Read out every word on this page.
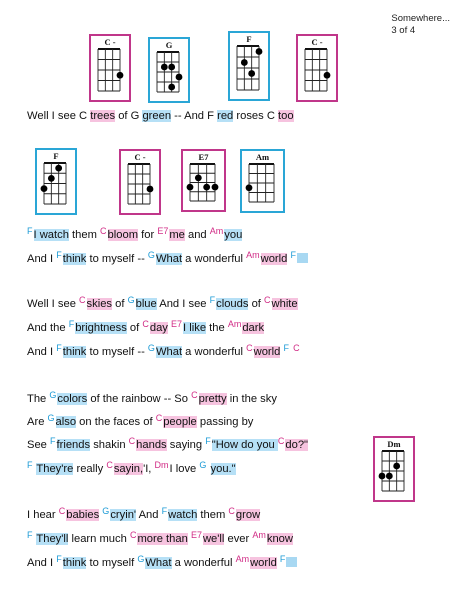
Somewhere...
3 of 4
C -	G
F	C -
F	C -	E7	Am
Dm
Well I see C trees of G green -- And F red roses C too
$^F$I watch them $^C$bloom for $^{E7}$me and $^{Am}$you
And I $^F$think to myself -- $^G$What a wonderful $^{Am}$world $^F$
Well I see $^C$skies of $^G$blue And I see $^F$clouds of $^C$white
And the $^F$brightness of $^C$day $^{E7}$I like the $^{Am}$dark
And I $^F$think to myself -- $^G$What a wonderful $^C$world $^F$ $^C$
The $^G$colors of the rainbow -- So $^C$pretty in the sky
Are $^G$also on the faces of $^C$people passing by
See $^F$friends shakin $^C$hands saying $^F$"How do you $^C$do?"
$^F$ They're really $^C$sayin,'I, $^{Dm}$I love $^G$ you."
I hear $^C$babies $^G$cryin' And $^F$watch them $^C$grow
$^F$ They'll learn much $^C$more than $^{E7}$we'll ever $^{Am}$know
And I $^F$think to myself $^G$What a wonderful $^{Am}$world $^F$
